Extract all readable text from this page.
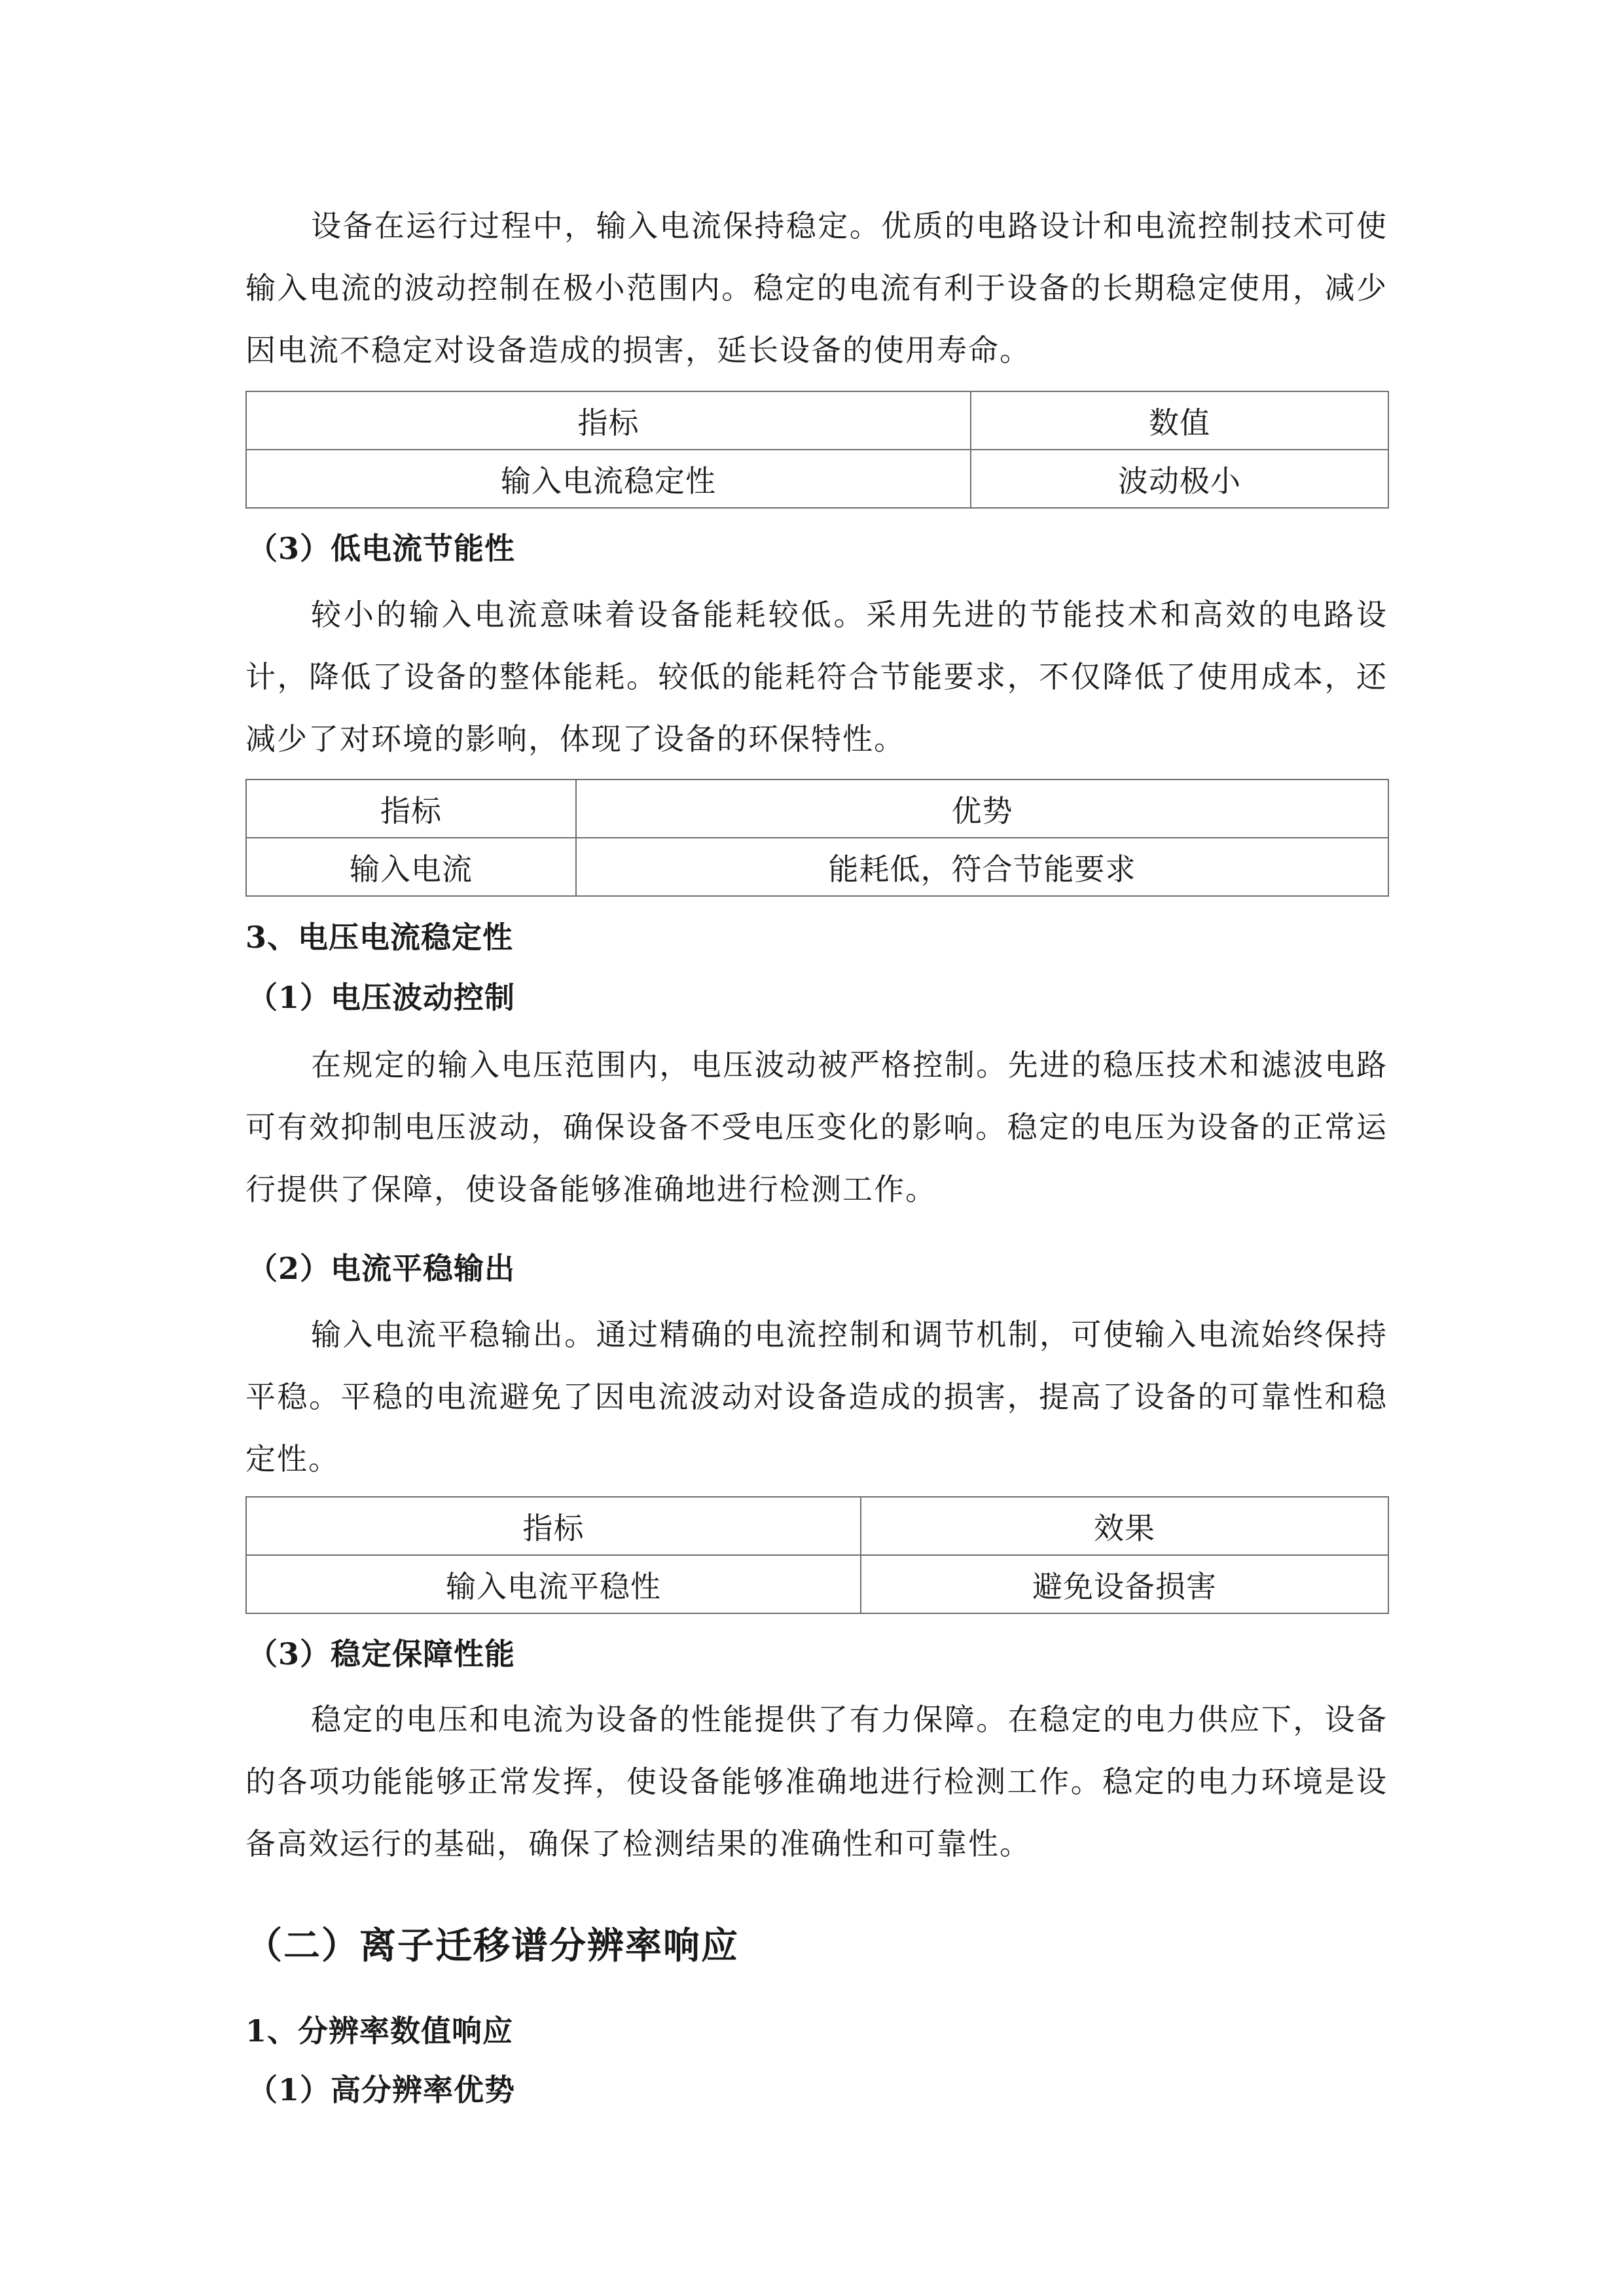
设备在运行过程中，输入电流保持稳定。优质的电路设计和电流控制技术可使输入电流的波动控制在极小范围内。稳定的电流有利于设备的长期稳定使用，减少因电流不稳定对设备造成的损害，延长设备的使用寿命。

指标	数值
输入电流稳定性	波动极小
（3）低电流节能性

较小的输入电流意味着设备能耗较低。采用先进的节能技术和高效的电路设计，降低了设备的整体能耗。较低的能耗符合节能要求，不仅降低了使用成本，还减少了对环境的影响，体现了设备的环保特性。

指标	优势
输入电流	能耗低，符合节能要求
3、电压电流稳定性
（1）电压波动控制

在规定的输入电压范围内，电压波动被严格控制。先进的稳压技术和滤波电路可有效抑制电压波动，确保设备不受电压变化的影响。稳定的电压为设备的正常运行提供了保障，使设备能够准确地进行检测工作。

（2）电流平稳输出

输入电流平稳输出。通过精确的电流控制和调节机制，可使输入电流始终保持平稳。平稳的电流避免了因电流波动对设备造成的损害，提高了设备的可靠性和稳定性。

指标	效果
输入电流平稳性	避免设备损害
（3）稳定保障性能

稳定的电压和电流为设备的性能提供了有力保障。在稳定的电力供应下，设备的各项功能能够正常发挥，使设备能够准确地进行检测工作。稳定的电力环境是设备高效运行的基础，确保了检测结果的准确性和可靠性。

（二）离子迁移谱分辨率响应
1、分辨率数值响应
（1）高分辨率优势
